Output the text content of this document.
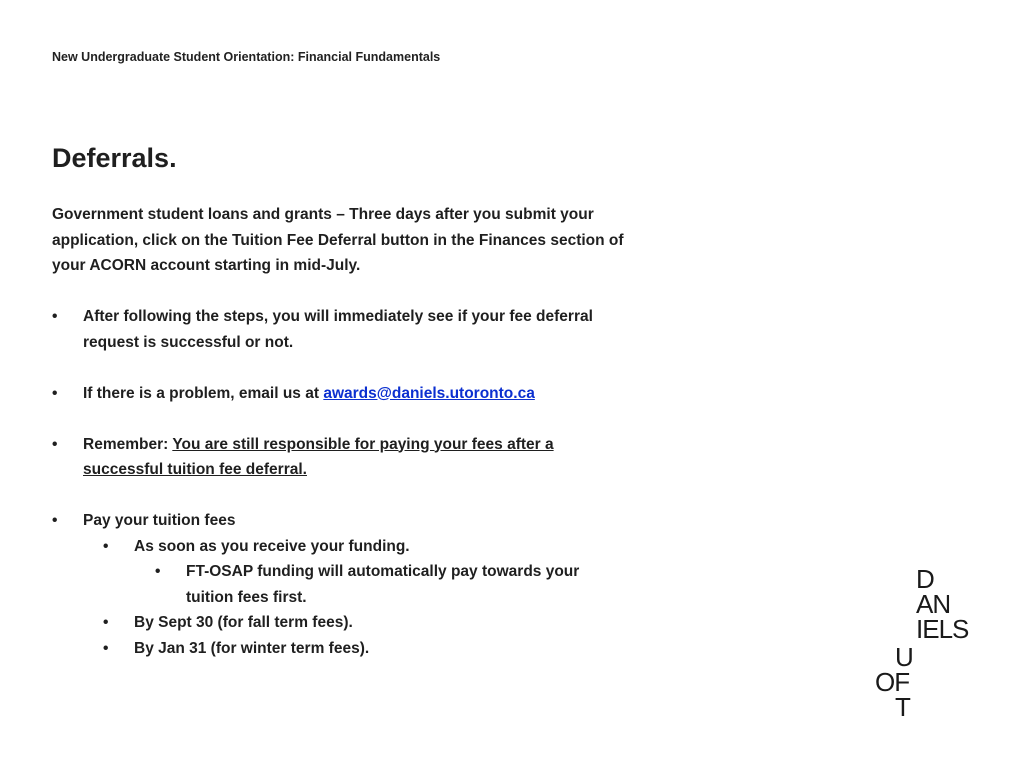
New Undergraduate Student Orientation: Financial Fundamentals
Deferrals.

Government student loans and grants – Three days after you submit your application, click on the Tuition Fee Deferral button in the Finances section of your ACORN account starting in mid-July.

• After following the steps, you will immediately see if your fee deferral request is successful or not.
• If there is a problem, email us at awards@daniels.utoronto.ca
• Remember: You are still responsible for paying your fees after a successful tuition fee deferral.
• Pay your tuition fees
• As soon as you receive your funding.
• FT-OSAP funding will automatically pay towards your tuition fees first.
• By Sept 30 (for fall term fees).
• By Jan 31 (for winter term fees).
D
AN
IELS
U
OF
T
